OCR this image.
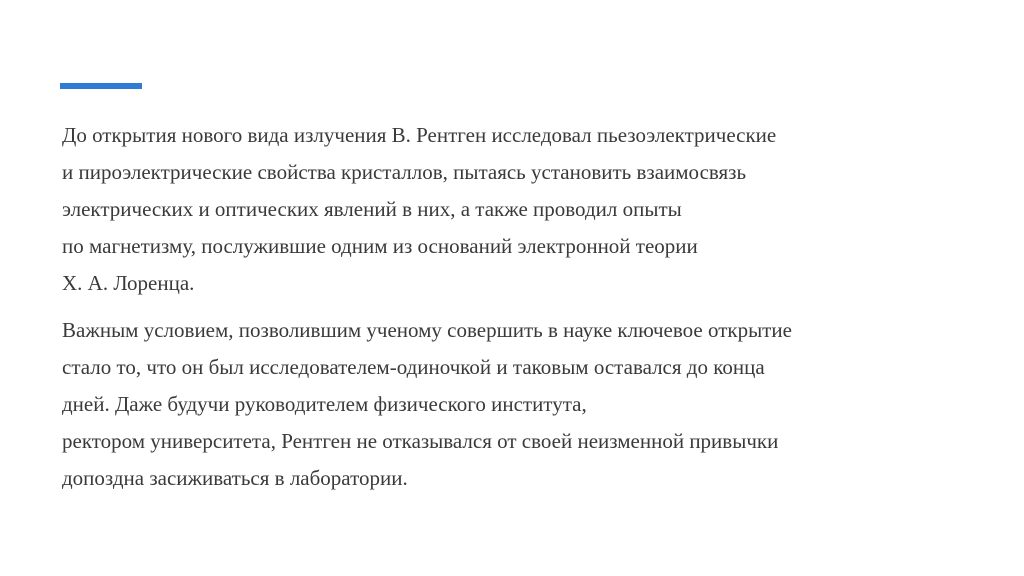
До открытия нового вида излучения В. Рентген исследовал пьезоэлектрические
и пироэлектрические свойства кристаллов, пытаясь установить взаимосвязь
электрических и оптических явлений в них, а также проводил опыты
по магнетизму, послужившие одним из оснований электронной теории
Х. А. Лоренца.

Важным условием, позволившим ученому совершить в науке ключевое открытие
стало то, что он был исследователем-одиночкой и таковым оставался до конца
дней. Даже будучи руководителем физического института,
ректором университета, Рентген не отказывался от своей неизменной привычки
допоздна засиживаться в лаборатории.
